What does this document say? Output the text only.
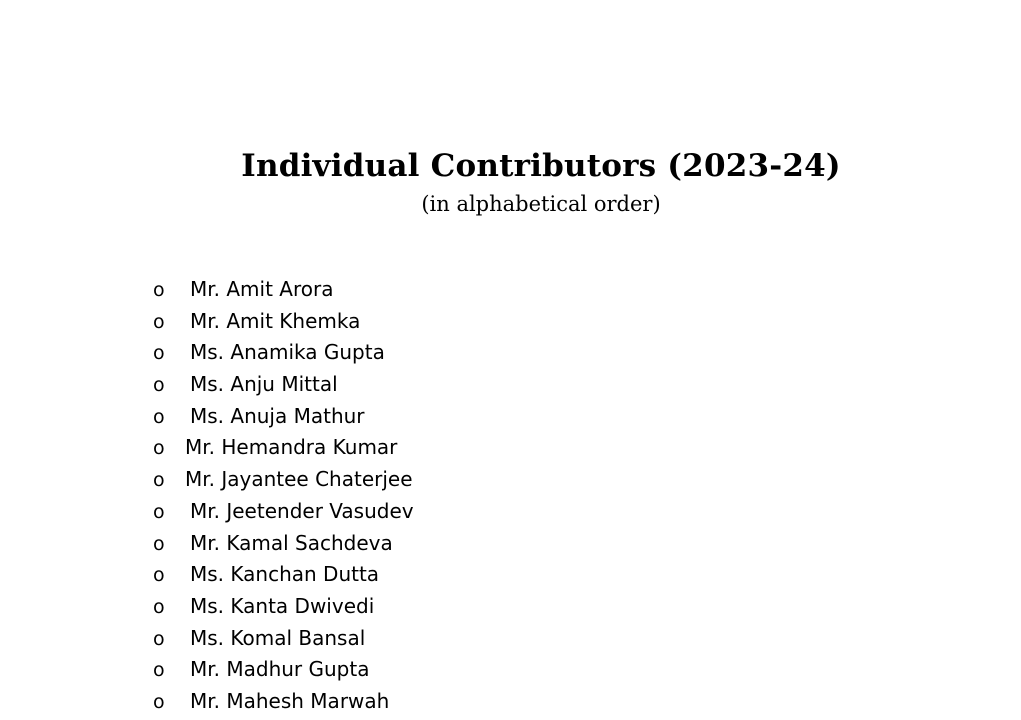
Individual Contributors (2023-24)
(in alphabetical order)
o	Mr. Amit Arora
o	Mr. Amit Khemka
o	Ms. Anamika Gupta
o	Ms. Anju Mittal
o	Ms. Anuja Mathur
o	Mr. Hemandra Kumar
o	Mr. Jayantee Chaterjee
o	Mr. Jeetender Vasudev
o	Mr. Kamal Sachdeva
o	Ms. Kanchan Dutta
o	Ms. Kanta Dwivedi
o	Ms. Komal Bansal
o	Mr. Madhur Gupta
o	Mr. Mahesh Marwah
